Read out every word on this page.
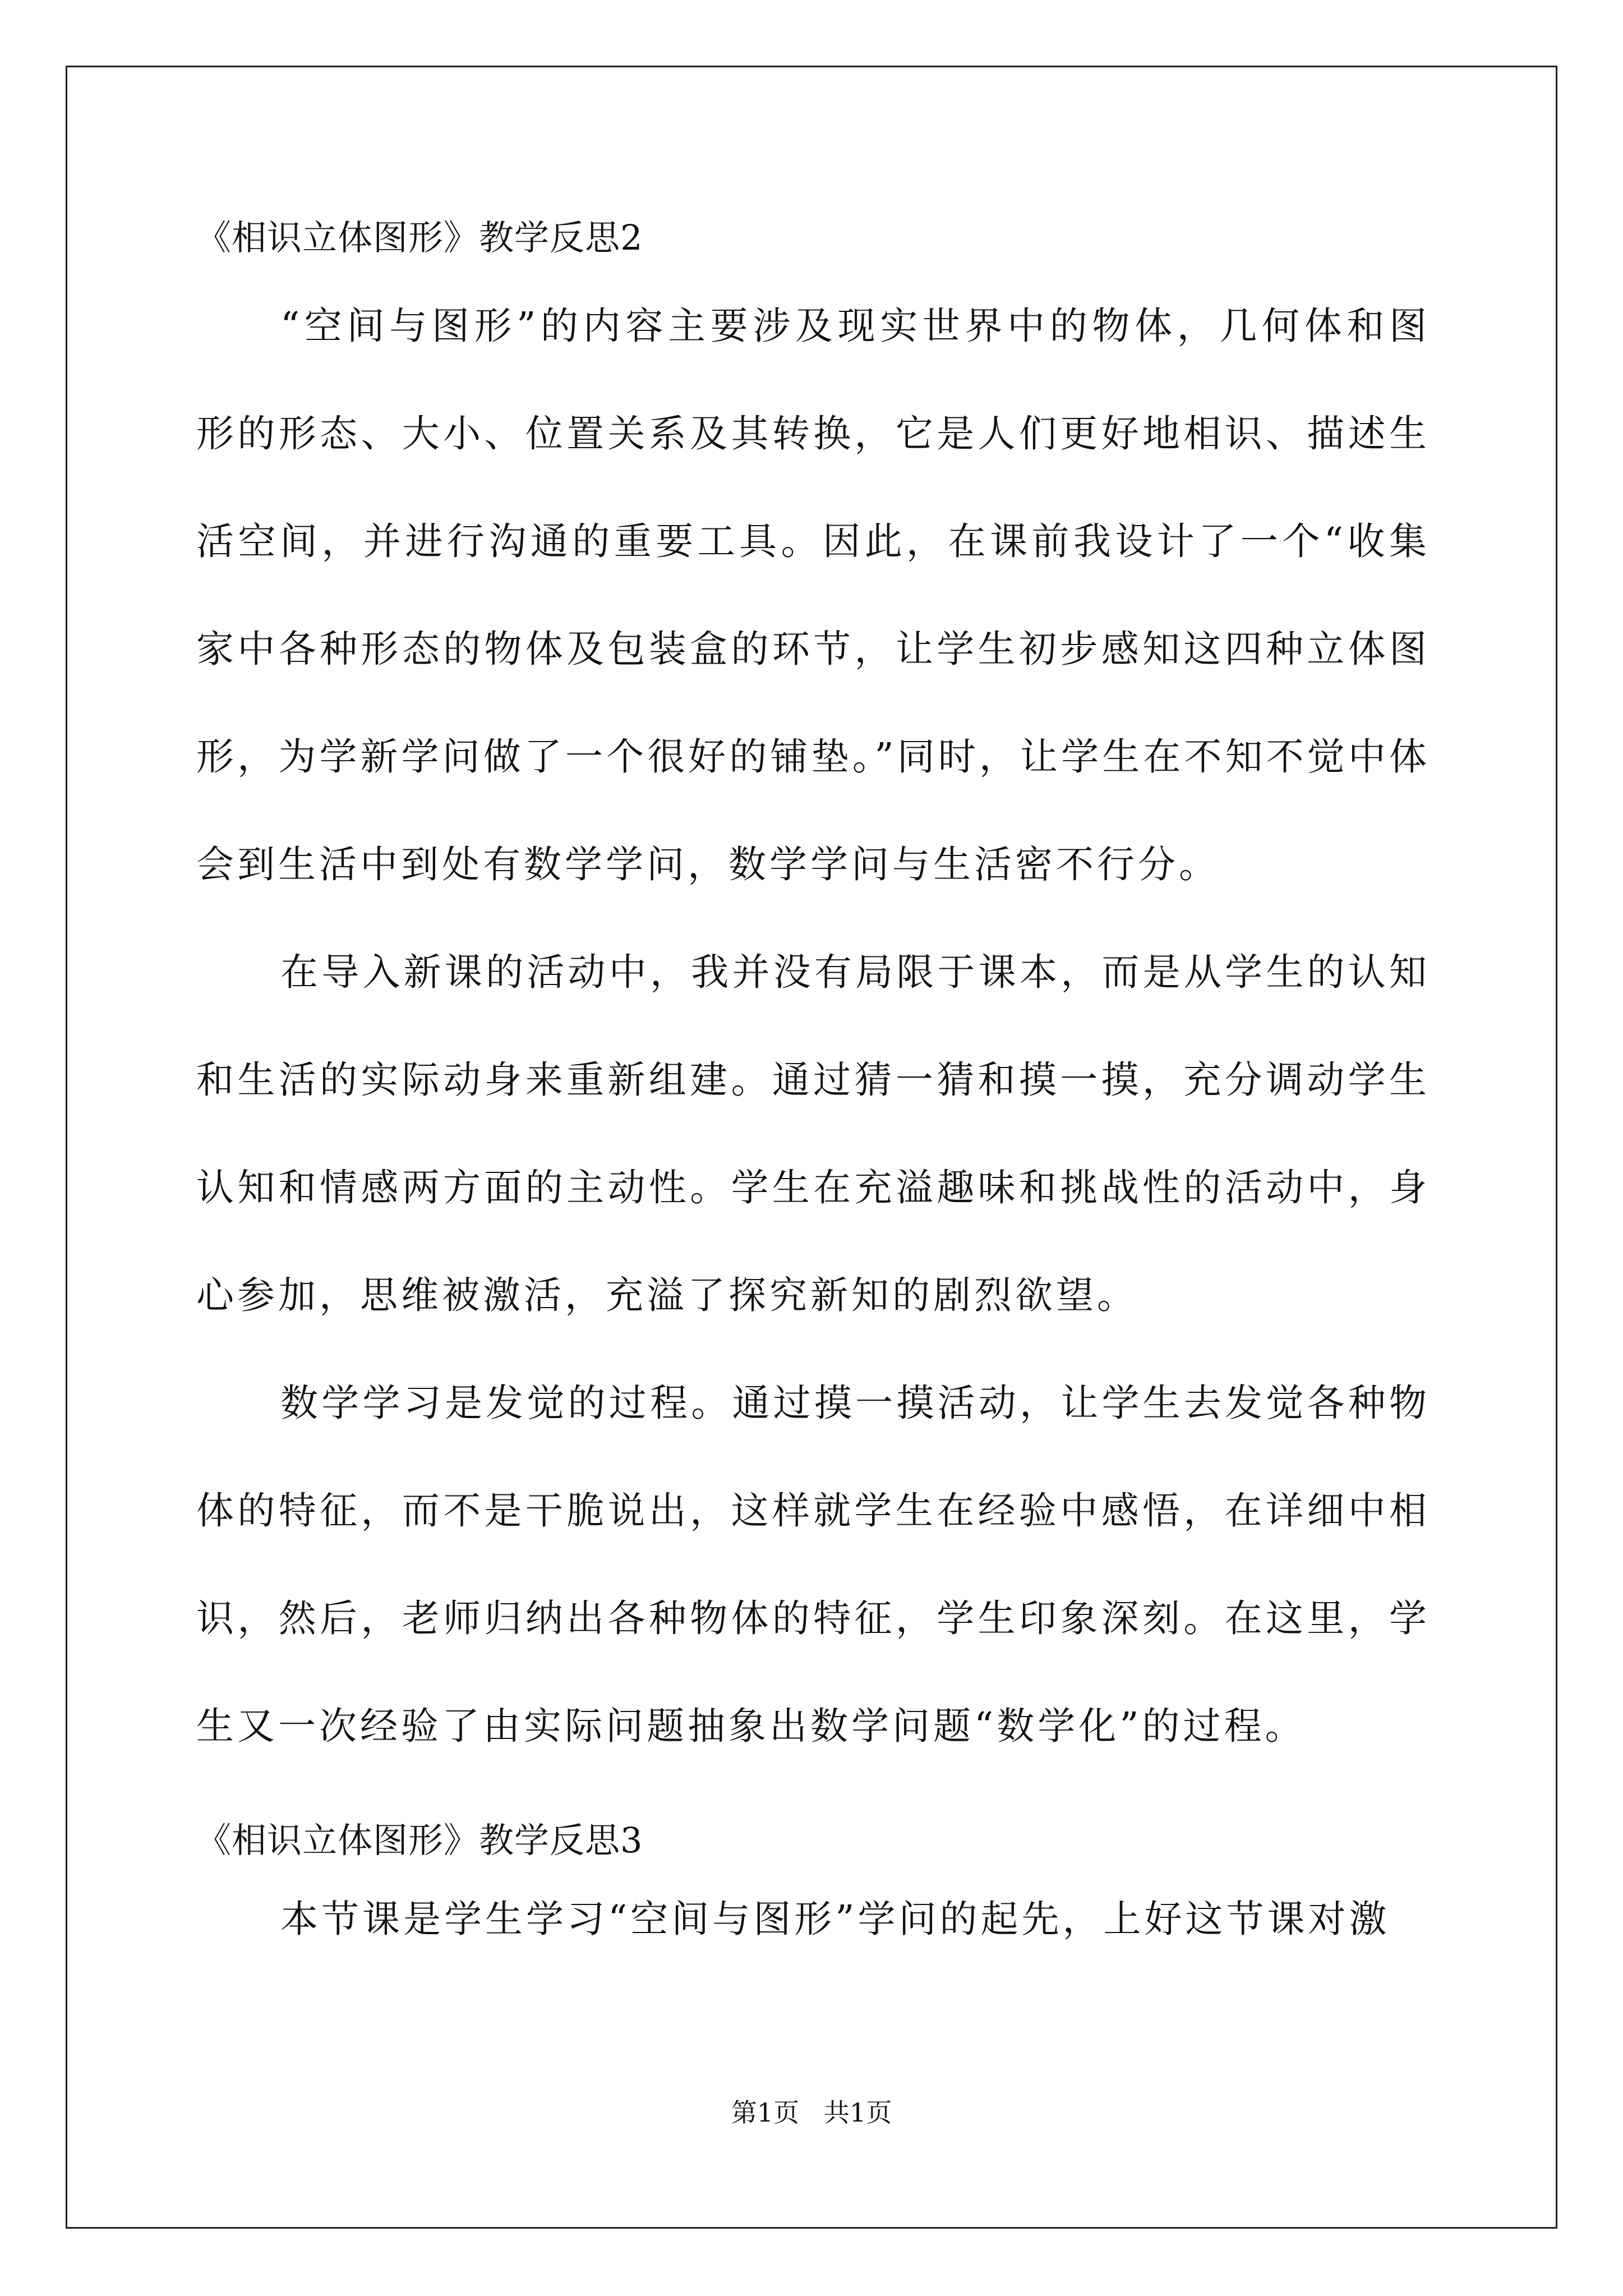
《相识立体图形》教学反思2

“空间与图形”的内容主要涉及现实世界中的物体，几何体和图形的形态、大小、位置关系及其转换，它是人们更好地相识、描述生活空间，并进行沟通的重要工具。因此，在课前我设计了一个“收集家中各种形态的物体及包装盒的环节，让学生初步感知这四种立体图形，为学新学问做了一个很好的铺垫。”同时，让学生在不知不觉中体会到生活中到处有数学学问，数学学问与生活密不行分。

在导入新课的活动中，我并没有局限于课本，而是从学生的认知和生活的实际动身来重新组建。通过猜一猜和摸一摸，充分调动学生认知和情感两方面的主动性。学生在充溢趣味和挑战性的活动中，身心参加，思维被激活，充溢了探究新知的剧烈欲望。

数学学习是发觉的过程。通过摸一摸活动，让学生去发觉各种物体的特征，而不是干脆说出，这样就学生在经验中感悟，在详细中相识，然后，老师归纳出各种物体的特征，学生印象深刻。在这里，学生又一次经验了由实际问题抽象出数学问题“数学化”的过程。

《相识立体图形》教学反思3

本节课是学生学习“空间与图形”学问的起先，上好这节课对激

第1页   共1页
